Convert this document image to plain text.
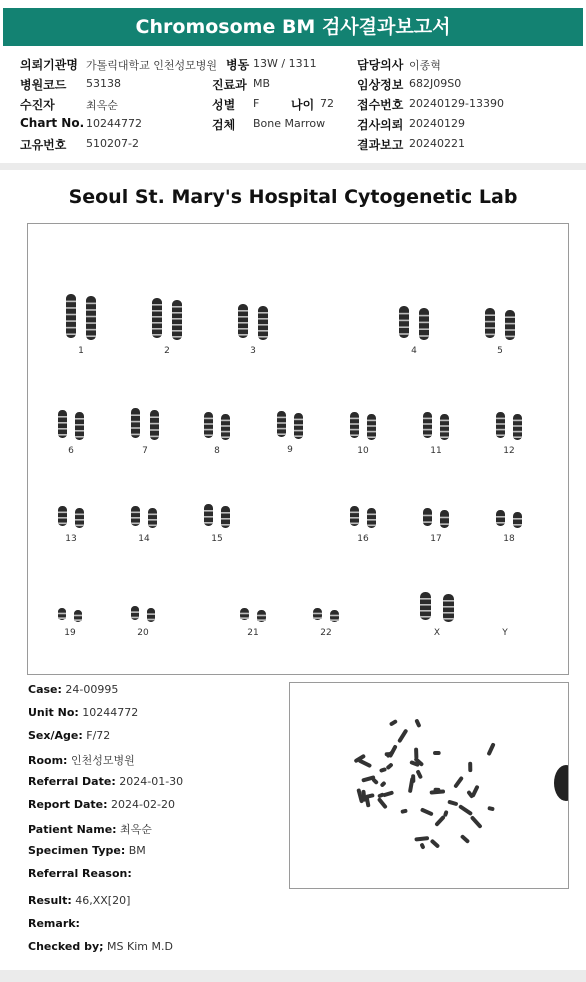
Chromosome BM 검사결과보고서
의뢰기관명 가톨릭대학교 인천성모병원 병동 13W / 1311	담당의사 이종혁
병원코드 53138	진료과 MB	임상정보 682J09S0
수진자	최옥순	성별 F	나이 72 접수번호 20240129-13390
Chart No. 10244772	검체 Bone Marrow	검사의뢰 20240129
고유번호 510207-2	결과보고 20240221
Seoul St. Mary's Hospital Cytogenetic Lab
1	2	3	4	5
6	7	8	9	10	11	12
13	14	15	16	17	18
19	20	21	22	X	Y
Case: 24-00995
Unit No: 10244772
Sex/Age: F/72
Room: 인천성모병원
Referral Date: 2024-01-30
Report Date: 2024-02-20
Patient Name: 최옥순
Specimen Type: BM
Referral Reason:
Result: 46,XX[20]
Remark:
Checked by; MS Kim M.D
